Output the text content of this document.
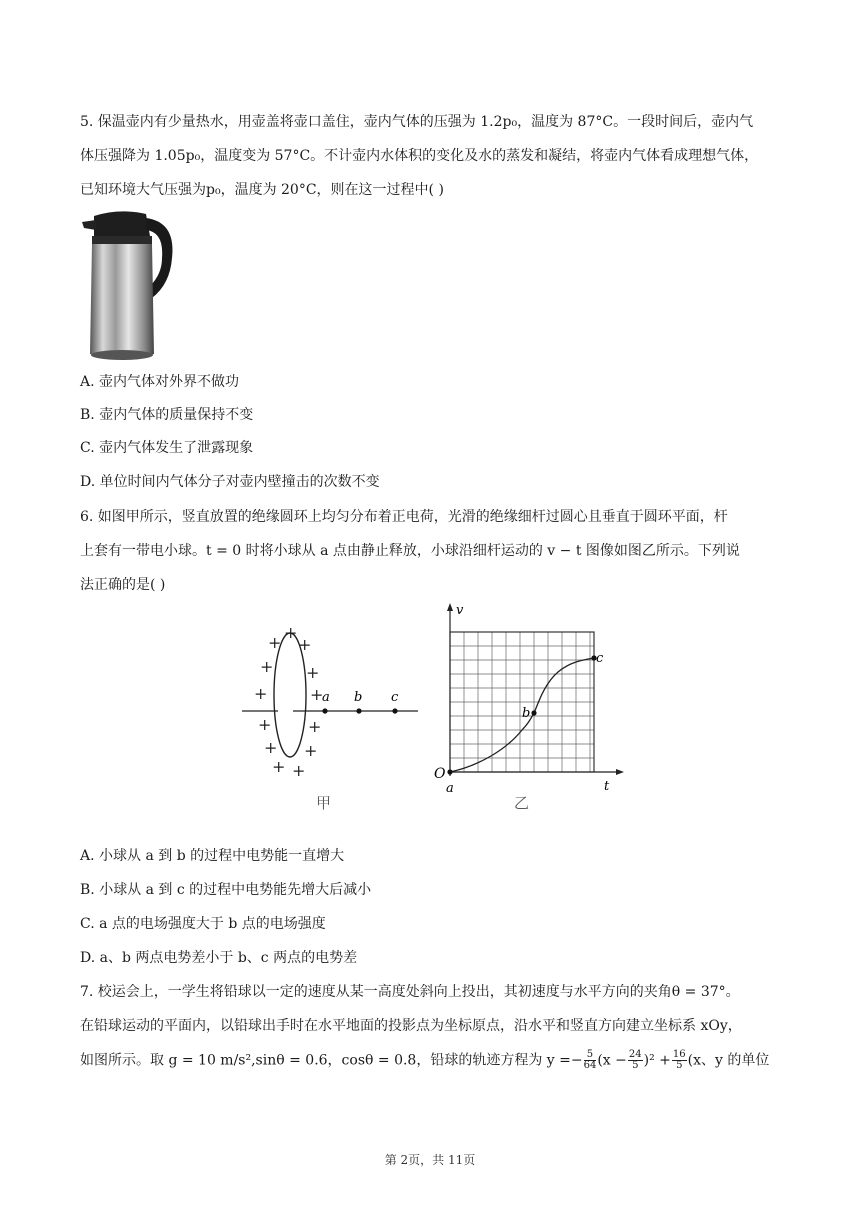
5. 保温壶内有少量热水，用壶盖将壶口盖住，壶内气体的压强为 1.2p₀，温度为 87°C。一段时间后，壶内气
体压强降为 1.05p₀，温度变为 57°C。不计壶内水体积的变化及水的蒸发和凝结，将壶内气体看成理想气体，
已知环境大气压强为p₀，温度为 20°C，则在这一过程中( )
A. 壶内气体对外界不做功
B. 壶内气体的质量保持不变
C. 壶内气体发生了泄露现象
D. 单位时间内气体分子对壶内壁撞击的次数不变
6. 如图甲所示，竖直放置的绝缘圆环上均匀分布着正电荷，光滑的绝缘细杆过圆心且垂直于圆环平面，杆
上套有一带电小球。t = 0 时将小球从 a 点由静止释放，小球沿细杆运动的 v − t 图像如图乙所示。下列说
法正确的是( )
+
+ +
+ +
+	+
+ +
+ +
+ +
a b c
甲
v
t
O
a
b
c
乙
A. 小球从 a 到 b 的过程中电势能一直增大
B. 小球从 a 到 c 的过程中电势能先增大后减小
C. a 点的电场强度大于 b 点的电场强度
D. a、b 两点电势差小于 b、c 两点的电势差
7. 校运会上，一学生将铅球以一定的速度从某一高度处斜向上投出，其初速度与水平方向的夹角θ = 37°。
在铅球运动的平面内，以铅球出手时在水平地面的投影点为坐标原点，沿水平和竖直方向建立坐标系 xOy，
如图所示。取 g = 10 m/s²,sinθ = 0.6，cosθ = 0.8，铅球的轨迹方程为 $y =- \frac{5}{64} (x - \frac{24}{5} )^2 + \frac{16}{5} (x$、y 的单位
第 2页，共 11页
